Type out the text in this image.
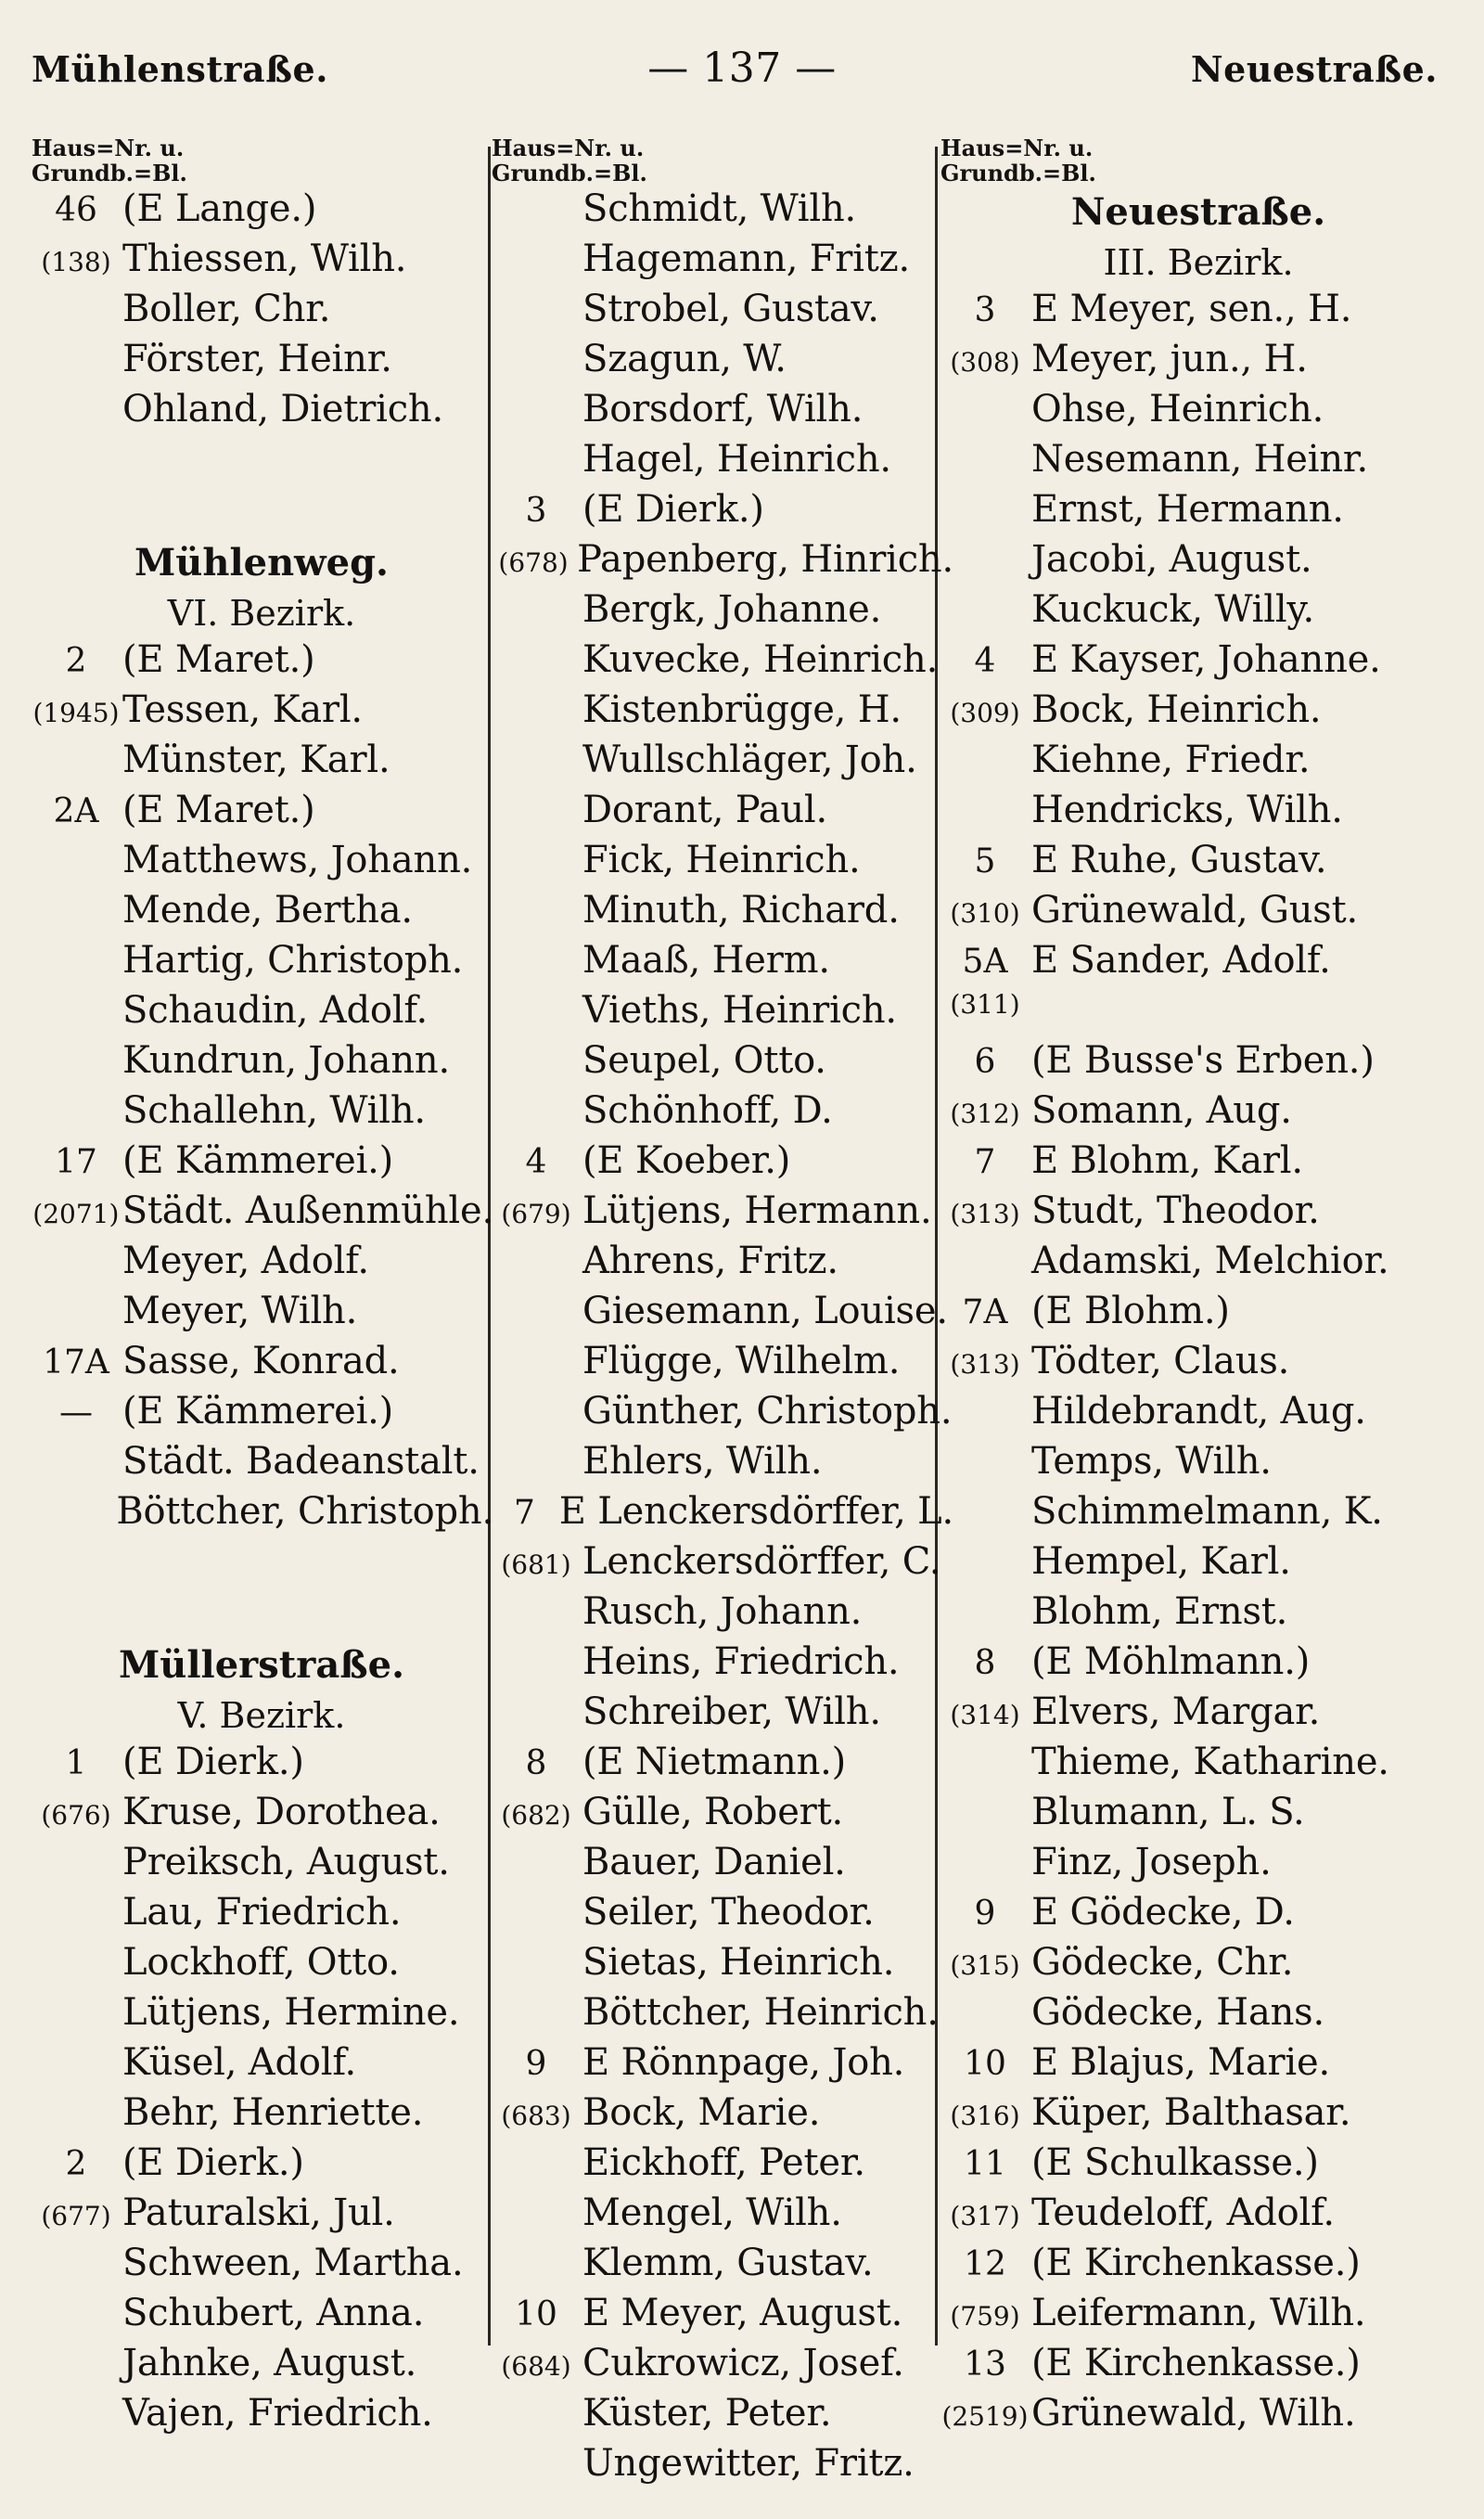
Mühlenstraße.	— 137 —	Neuestraße.
Haus=Nr. u.
Grundb.=Bl.
46 (E Lange.)
(138) Thiessen, Wilh.
Boller, Chr.
Förster, Heinr.
Ohland, Dietrich.
Mühlenweg.
VI. Bezirk.
2 (E Maret.)
(1945) Tessen, Karl.
Münster, Karl.
2A (E Maret.)
Matthews, Johann.
Mende, Bertha.
Hartig, Christoph.
Schaudin, Adolf.
Kundrun, Johann.
Schallehn, Wilh.
17 (E Kämmerei.)
(2071) Städt. Außenmühle.
Meyer, Adolf.
Meyer, Wilh.
17A Sasse, Konrad.
— (E Kämmerei.)
Städt. Badeanstalt.
Böttcher, Christoph.
Müllerstraße.
V. Bezirk.
1 (E Dierk.)
(676) Kruse, Dorothea.
Preiksch, August.
Lau, Friedrich.
Lockhoff, Otto.
Lütjens, Hermine.
Küsel, Adolf.
Behr, Henriette.
2 (E Dierk.)
(677) Paturalski, Jul.
Schween, Martha.
Schubert, Anna.
Jahnke, August.
Vajen, Friedrich.
Haus=Nr. u.
Grundb.=Bl.
Schmidt, Wilh.
Hagemann, Fritz.
Strobel, Gustav.
Szagun, W.
Borsdorf, Wilh.
Hagel, Heinrich.
3 (E Dierk.)
(678) Papenberg, Hinrich.
Bergk, Johanne.
Kuvecke, Heinrich.
Kistenbrügge, H.
Wullschläger, Joh.
Dorant, Paul.
Fick, Heinrich.
Minuth, Richard.
Maaß, Herm.
Vieths, Heinrich.
Seupel, Otto.
Schönhoff, D.
4 (E Koeber.)
(679) Lütjens, Hermann.
Ahrens, Fritz.
Giesemann, Louise.
Flügge, Wilhelm.
Günther, Christoph.
Ehlers, Wilh.
7 E Lenckersdörffer, L.
(681) Lenckersdörffer, C.
Rusch, Johann.
Heins, Friedrich.
Schreiber, Wilh.
8 (E Nietmann.)
(682) Gülle, Robert.
Bauer, Daniel.
Seiler, Theodor.
Sietas, Heinrich.
Böttcher, Heinrich.
9 E Rönnpage, Joh.
(683) Bock, Marie.
Eickhoff, Peter.
Mengel, Wilh.
Klemm, Gustav.
10 E Meyer, August.
(684) Cukrowicz, Josef.
Küster, Peter.
Ungewitter, Fritz.
Haus=Nr. u.
Grundb.=Bl.
Neuestraße.
III. Bezirk.
3 E Meyer, sen., H.
(308) Meyer, jun., H.
Ohse, Heinrich.
Nesemann, Heinr.
Ernst, Hermann.
Jacobi, August.
Kuckuck, Willy.
4 E Kayser, Johanne.
(309) Bock, Heinrich.
Kiehne, Friedr.
Hendricks, Wilh.
5 E Ruhe, Gustav.
(310) Grünewald, Gust.
5A E Sander, Adolf.
(311)
6 (E Busse's Erben.)
(312) Somann, Aug.
7 E Blohm, Karl.
(313) Studt, Theodor.
Adamski, Melchior.
7A (E Blohm.)
(313) Tödter, Claus.
Hildebrandt, Aug.
Temps, Wilh.
Schimmelmann, K.
Hempel, Karl.
Blohm, Ernst.
8 (E Möhlmann.)
(314) Elvers, Margar.
Thieme, Katharine.
Blumann, L. S.
Finz, Joseph.
9 E Gödecke, D.
(315) Gödecke, Chr.
Gödecke, Hans.
10 E Blajus, Marie.
(316) Küper, Balthasar.
11 (E Schulkasse.)
(317) Teudeloff, Adolf.
12 (E Kirchenkasse.)
(759) Leifermann, Wilh.
13 (E Kirchenkasse.)
(2519) Grünewald, Wilh.
